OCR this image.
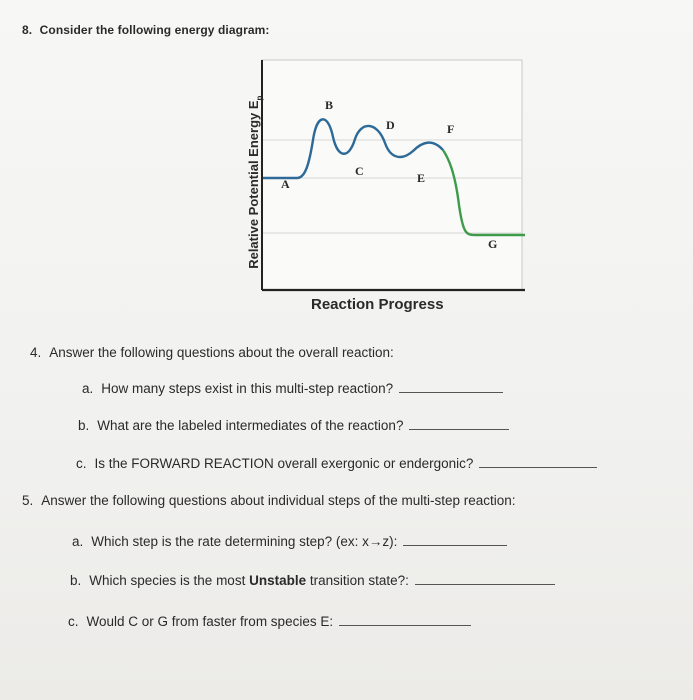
8. Consider the following energy diagram:
Relative Potential Energy $E_p$
Reaction Progress
A
B
C
D
E
F
G
4. Answer the following questions about the overall reaction:
a. How many steps exist in this multi-step reaction?
b. What are the labeled intermediates of the reaction?
c. Is the FORWARD REACTION overall exergonic or endergonic?
5. Answer the following questions about individual steps of the multi-step reaction:
a. Which step is the rate determining step? (ex: x→z):
b. Which species is the most Unstable transition state?:
c. Would C or G from faster from species E:
